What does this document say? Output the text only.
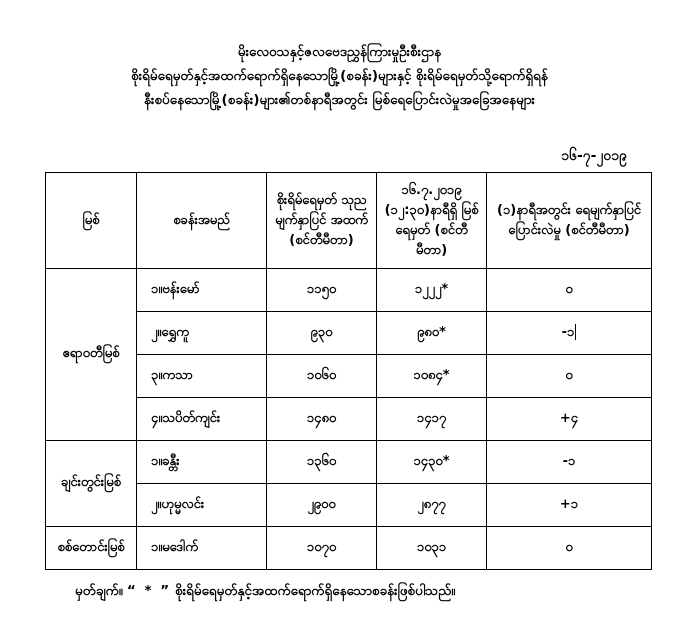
မိုးလေဝသနှင့်ဇလဗေဒညွှန်ကြားမှုဦးစီးဌာန
စိုးရိမ်ရေမှတ်နှင့်အထက်ရောက်ရှိနေသောမြို့(စခန်း)များနှင့် စိုးရိမ်ရေမှတ်သို့ရောက်ရှိရန်
နီးစပ်နေသောမြို့(စခန်း)များ၏တစ်နာရီအတွင်း မြစ်ရေပြောင်းလဲမှုအခြေအနေများ
၁၆-၇-၂၀၁၉
မြစ်	စခန်းအမည်	စိုးရိမ်ရေမှတ် သုညမျက်နှာပြင် အထက် (စင်တီမီတာ)	၁၆.၇.၂၀၁၉ (၁၂:၃၀)နာရီရှိ မြစ်ရေမှတ် (စင်တီမီတာ)	(၁)နာရီအတွင်း ရေမျက်နှာပြင်ပြောင်းလဲမှု (စင်တီမီတာ)
ဧရာဝတီမြစ်	၁။ဗန်းမော်	၁၁၅၀	၁၂၂၂*	၀
	၂။ရွှေကူ	၉၃၀	၉၈၀*	-၁
	၃။ကသာ	၁၀၆၀	၁၀၈၄*	၀
	၄။သပိတ်ကျင်း	၁၄၈၀	၁၄၁၇	+၄
ချင်းတွင်းမြစ်	၁။ခန္တီး	၁၃၆၀	၁၄၃၀*	-၁
	၂။ဟုမ္မလင်း	၂၉၀၀	၂၈၇၇	+၁
စစ်တောင်းမြစ်	၁။မဒေါက်	၁၀၇၀	၁၀၃၁	၀
မှတ်ချက်။ “ * ” စိုးရိမ်ရေမှတ်နှင့်အထက်ရောက်ရှိနေသောစခန်းဖြစ်ပါသည်။
